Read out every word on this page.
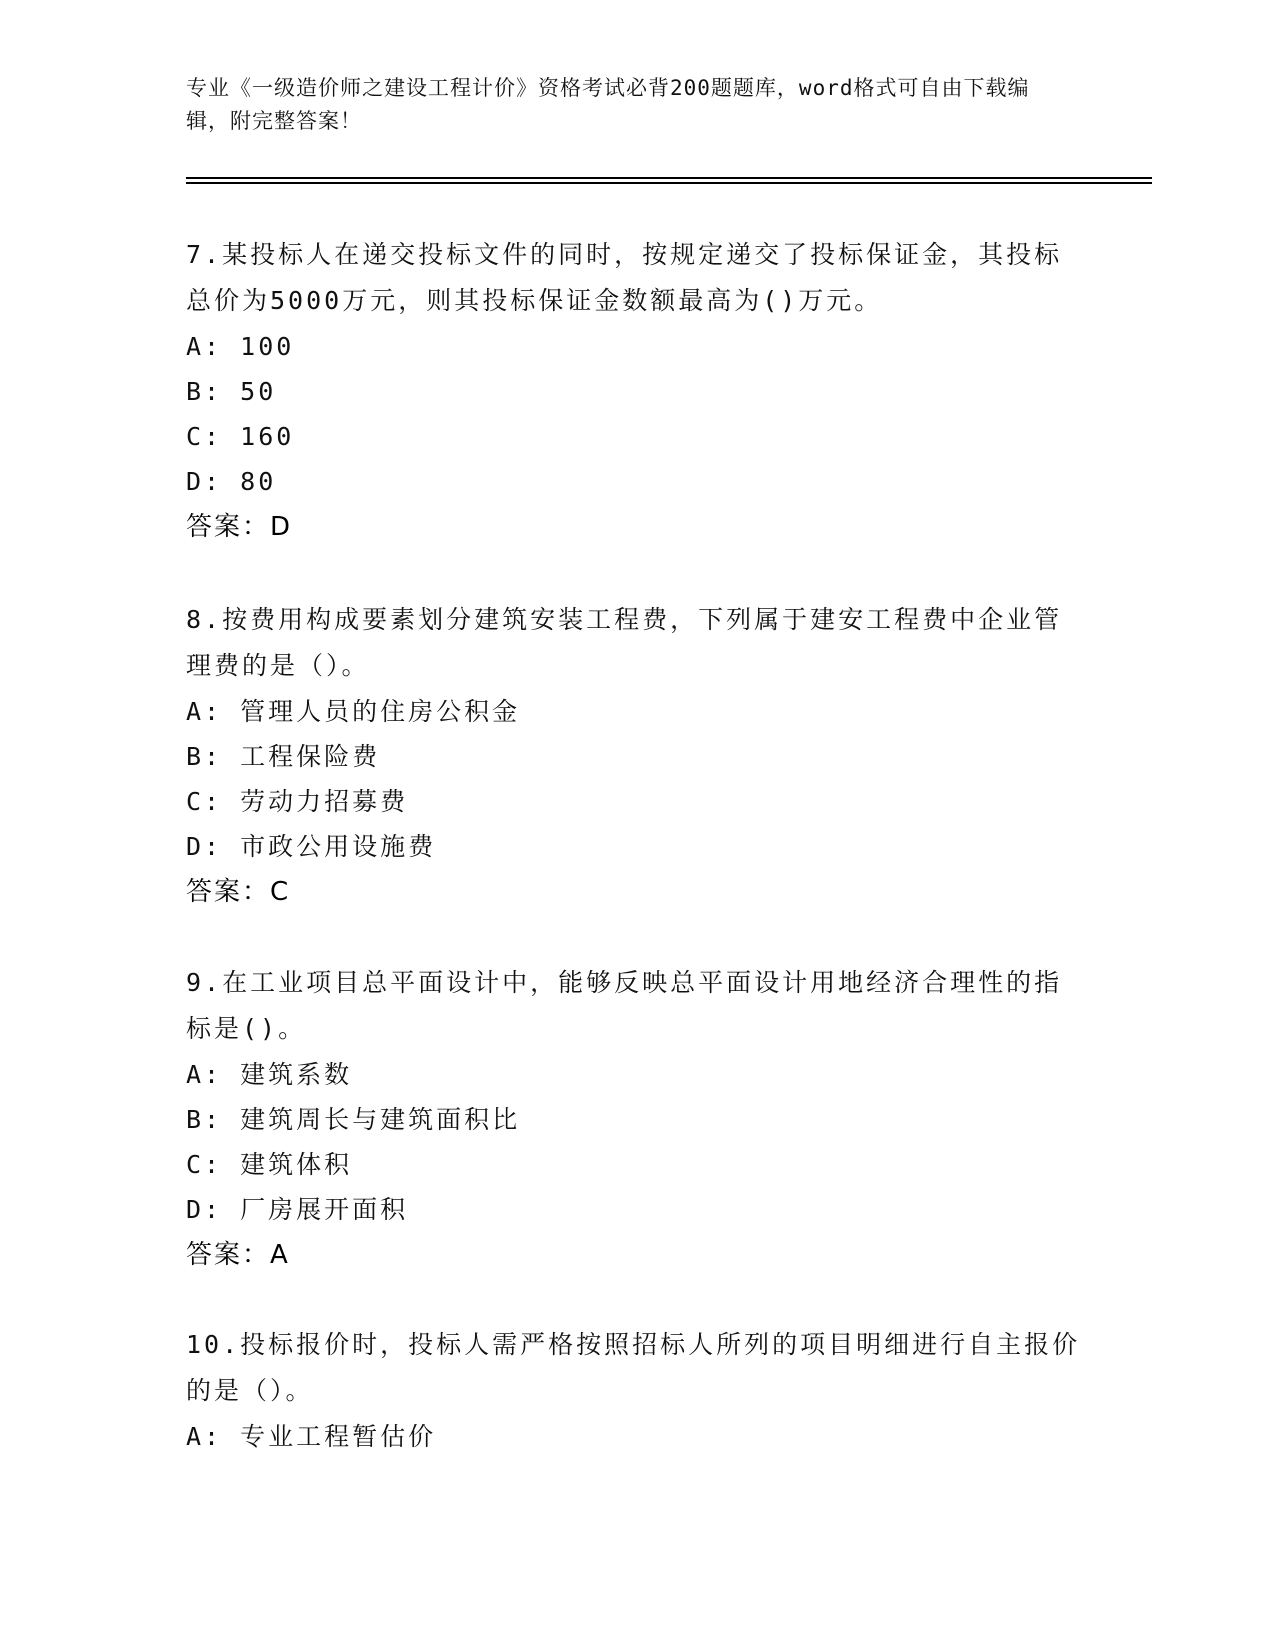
专业《一级造价师之建设工程计价》资格考试必背200题题库，word格式可自由下载编辑，附完整答案！

7.某投标人在递交投标文件的同时，按规定递交了投标保证金，其投标总价为5000万元，则其投标保证金数额最高为()万元。

A: 100

B: 50

C: 160

D: 80

答案：D

8.按费用构成要素划分建筑安装工程费，下列属于建安工程费中企业管理费的是（）。

A: 管理人员的住房公积金

B: 工程保险费

C: 劳动力招募费

D: 市政公用设施费

答案：C

9.在工业项目总平面设计中，能够反映总平面设计用地经济合理性的指标是()。

A: 建筑系数

B: 建筑周长与建筑面积比

C: 建筑体积

D: 厂房展开面积

答案：A

10.投标报价时，投标人需严格按照招标人所列的项目明细进行自主报价的是（）。

A: 专业工程暂估价
